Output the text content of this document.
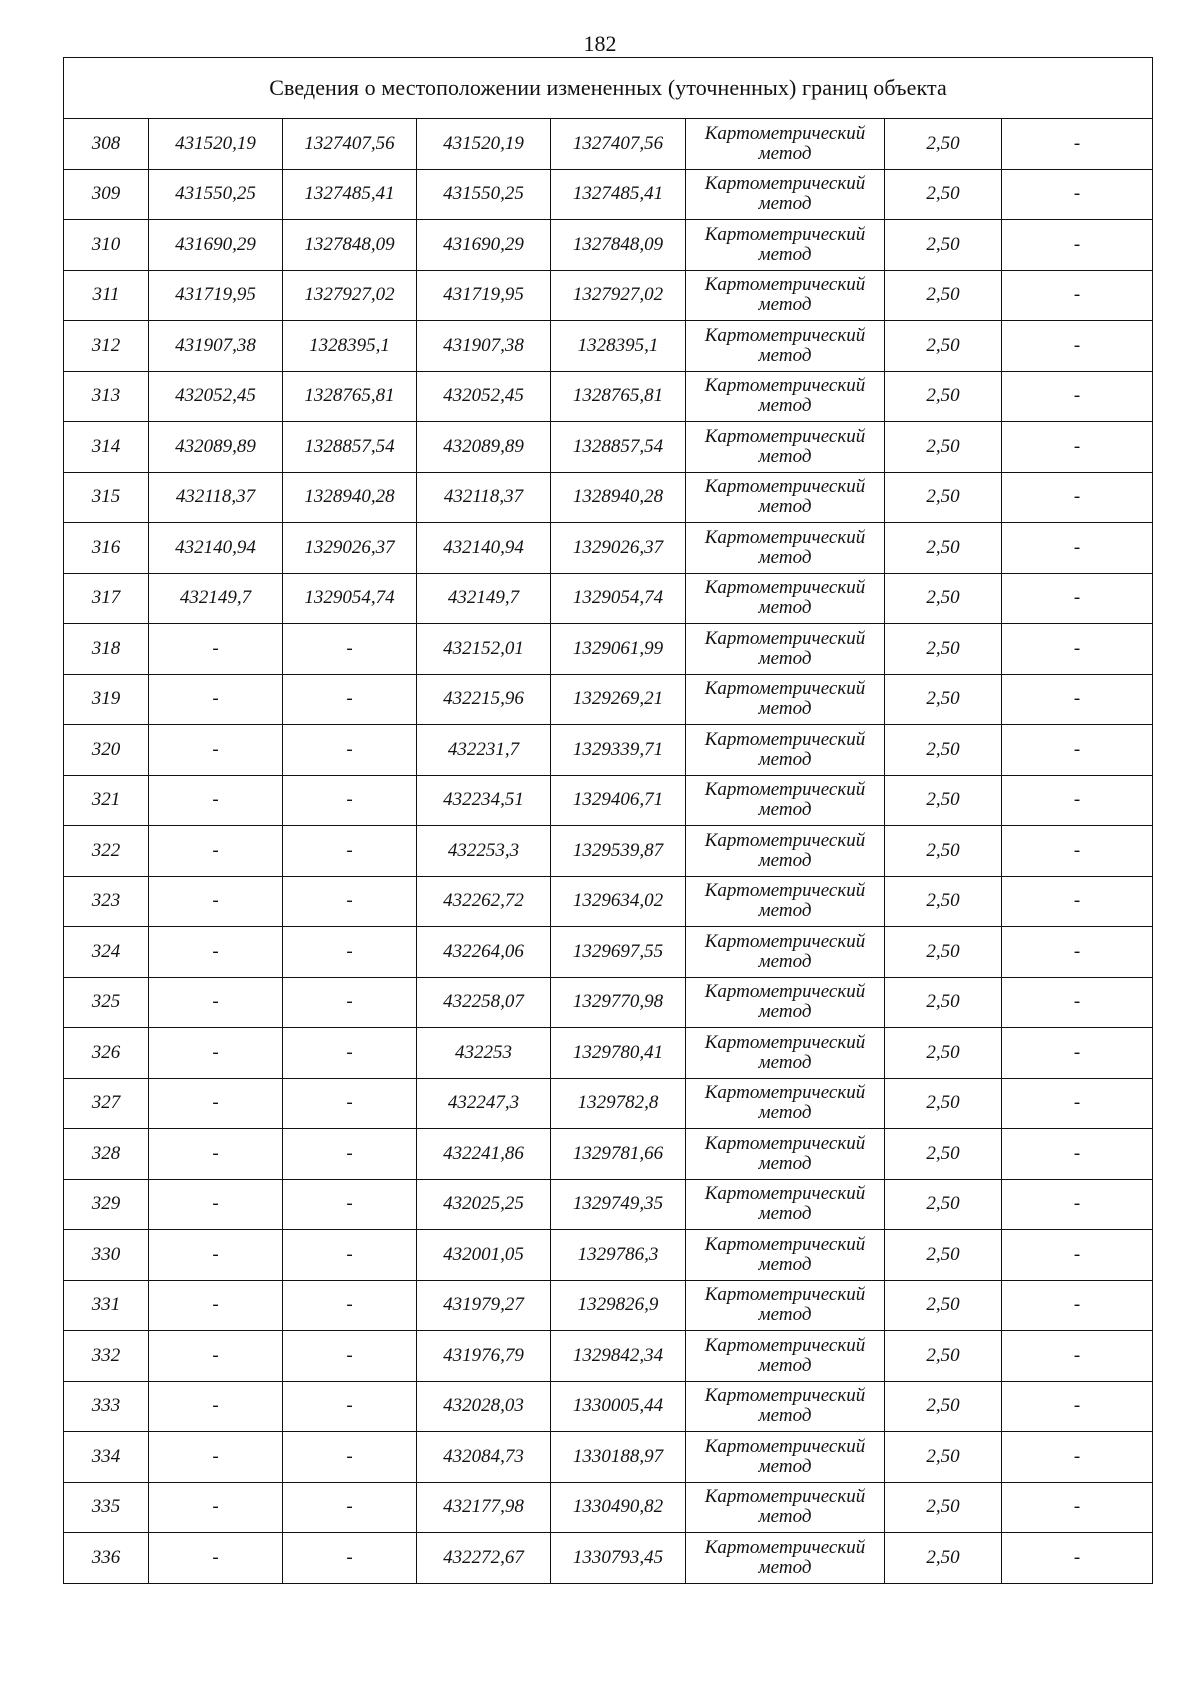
182
Сведения о местоположении измененных (уточненных) границ объекта							
308	431520,19	1327407,56	431520,19	1327407,56	Картометрический
метод	2,50	-
309	431550,25	1327485,41	431550,25	1327485,41	Картометрический
метод	2,50	-
310	431690,29	1327848,09	431690,29	1327848,09	Картометрический
метод	2,50	-
311	431719,95	1327927,02	431719,95	1327927,02	Картометрический
метод	2,50	-
312	431907,38	1328395,1	431907,38	1328395,1	Картометрический
метод	2,50	-
313	432052,45	1328765,81	432052,45	1328765,81	Картометрический
метод	2,50	-
314	432089,89	1328857,54	432089,89	1328857,54	Картометрический
метод	2,50	-
315	432118,37	1328940,28	432118,37	1328940,28	Картометрический
метод	2,50	-
316	432140,94	1329026,37	432140,94	1329026,37	Картометрический
метод	2,50	-
317	432149,7	1329054,74	432149,7	1329054,74	Картометрический
метод	2,50	-
318	-	-	432152,01	1329061,99	Картометрический
метод	2,50	-
319	-	-	432215,96	1329269,21	Картометрический
метод	2,50	-
320	-	-	432231,7	1329339,71	Картометрический
метод	2,50	-
321	-	-	432234,51	1329406,71	Картометрический
метод	2,50	-
322	-	-	432253,3	1329539,87	Картометрический
метод	2,50	-
323	-	-	432262,72	1329634,02	Картометрический
метод	2,50	-
324	-	-	432264,06	1329697,55	Картометрический
метод	2,50	-
325	-	-	432258,07	1329770,98	Картометрический
метод	2,50	-
326	-	-	432253	1329780,41	Картометрический
метод	2,50	-
327	-	-	432247,3	1329782,8	Картометрический
метод	2,50	-
328	-	-	432241,86	1329781,66	Картометрический
метод	2,50	-
329	-	-	432025,25	1329749,35	Картометрический
метод	2,50	-
330	-	-	432001,05	1329786,3	Картометрический
метод	2,50	-
331	-	-	431979,27	1329826,9	Картометрический
метод	2,50	-
332	-	-	431976,79	1329842,34	Картометрический
метод	2,50	-
333	-	-	432028,03	1330005,44	Картометрический
метод	2,50	-
334	-	-	432084,73	1330188,97	Картометрический
метод	2,50	-
335	-	-	432177,98	1330490,82	Картометрический
метод	2,50	-
336	-	-	432272,67	1330793,45	Картометрический
метод	2,50	-
